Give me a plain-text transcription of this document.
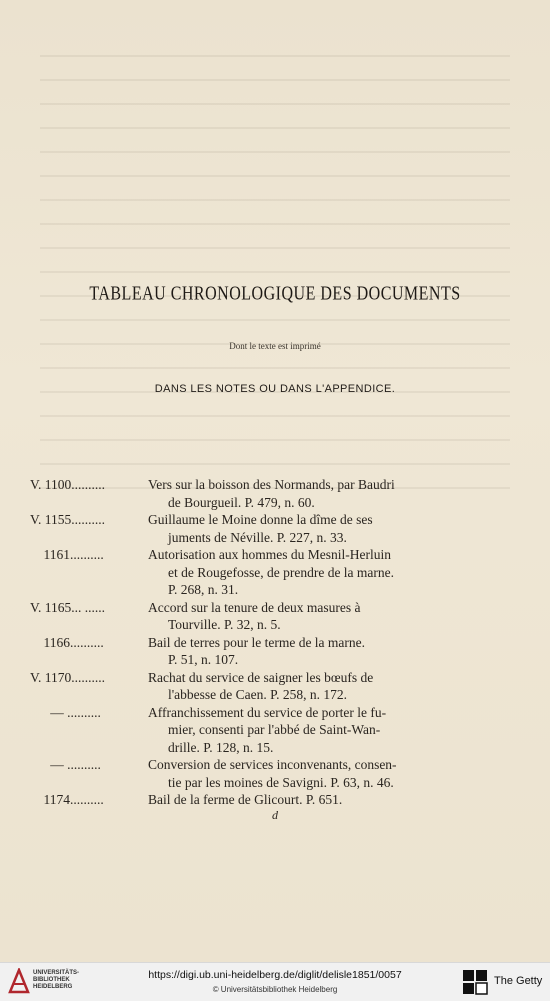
TABLEAU CHRONOLOGIQUE DES DOCUMENTS
Dont le texte est imprimé
DANS LES NOTES OU DANS L'APPENDICE.
V. 1100..........	Vers sur la boisson des Normands, par Baudri
de Bourgueil. P. 479, n. 60.
V. 1155..........	Guillaume le Moine donne la dîme de ses
juments de Néville. P. 227, n. 33.
1161..........	Autorisation aux hommes du Mesnil-Herluin
et de Rougefosse, de prendre de la marne.
P. 268, n. 31.
V. 1165... ......	Accord sur la tenure de deux masures à
Tourville. P. 32, n. 5.
1166..........	Bail de terres pour le terme de la marne.
P. 51, n. 107.
V. 1170..........	Rachat du service de saigner les bœufs de
l'abbesse de Caen. P. 258, n. 172.
— ..........	Affranchissement du service de porter le fu-
mier, consenti par l'abbé de Saint-Wan-
drille. P. 128, n. 15.
— ..........	Conversion de services inconvenants, consen-
tie par les moines de Savigni. P. 63, n. 46.
1174..........	Bail de la ferme de Glicourt. P. 651.
d
UNIVERSITÄTS-
BIBLIOTHEK
HEIDELBERG
https://digi.ub.uni-heidelberg.de/diglit/delisle1851/0057
© Universitätsbibliothek Heidelberg
The Getty
